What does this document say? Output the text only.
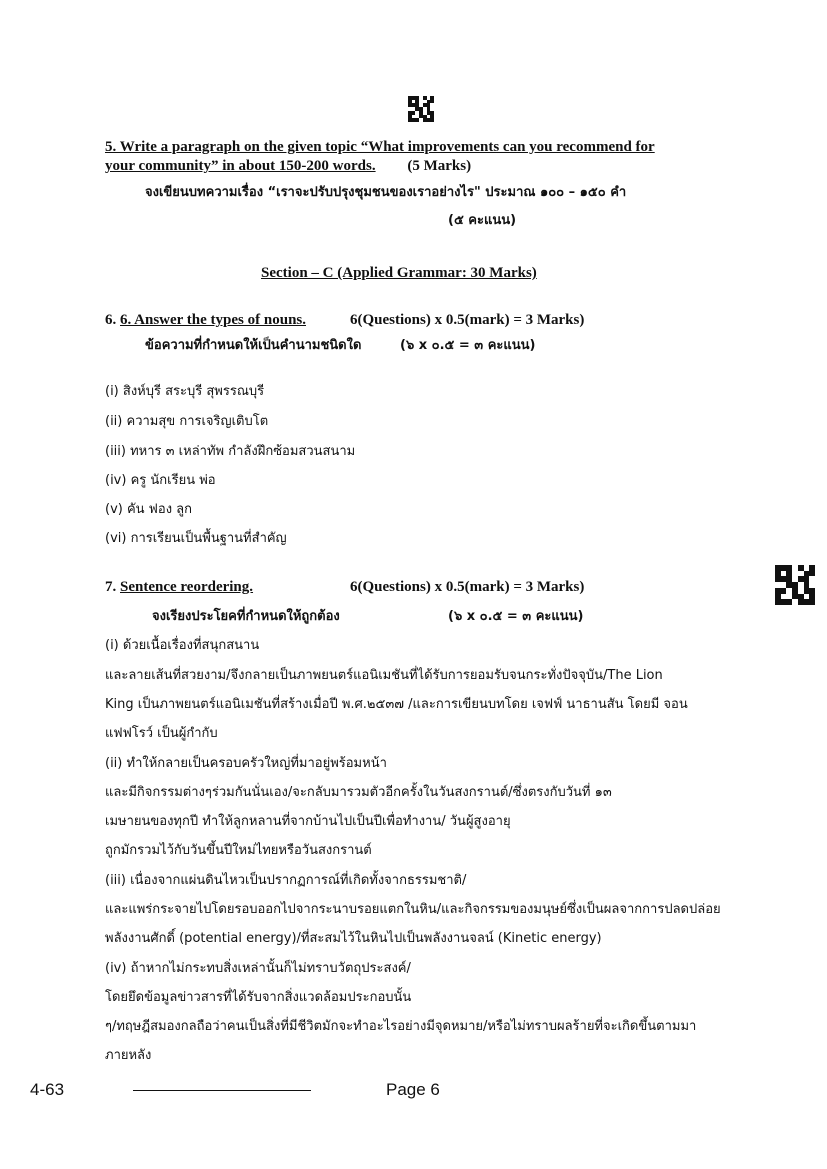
5. Write a paragraph on the given topic “What improvements can you recommend for
your community” in about 150-200 words. (5 Marks)
จงเขียนบทความเรื่อง “เราจะปรับปรุงชุมชนของเราอย่างไร" ประมาณ ๑๐๐ – ๑๕๐ คำ
(๕ คะแนน)
Section – C (Applied Grammar: 30 Marks)
6. 6. Answer the types of nouns.	6(Questions) x 0.5(mark) = 3 Marks)
ข้อความที่กำหนดให้เป็นคำนามชนิดใด	(๖ x ๐.๕ = ๓ คะแนน)
(i) สิงห์บุรี สระบุรี สุพรรณบุรี
(ii) ความสุข การเจริญเติบโต
(iii) ทหาร ๓ เหล่าทัพ กำลังฝึกซ้อมสวนสนาม
(iv) ครู นักเรียน พ่อ
(v) คัน ฟอง ลูก
(vi) การเรียนเป็นพื้นฐานที่สำคัญ
7. Sentence reordering.	6(Questions) x 0.5(mark) = 3 Marks)
จงเรียงประโยคที่กำหนดให้ถูกต้อง	(๖ x ๐.๕ = ๓ คะแนน)
(i) ด้วยเนื้อเรื่องที่สนุกสนาน
และลายเส้นที่สวยงาม/จึงกลายเป็นภาพยนตร์แอนิเมชันที่ได้รับการยอมรับจนกระทั่งปัจจุบัน/The Lion
King เป็นภาพยนตร์แอนิเมชันที่สร้างเมื่อปี พ.ศ.๒๕๓๗ /และการเขียนบทโดย เจฟฟ์ นาธานสัน โดยมี จอน
แฟฟโรว์ เป็นผู้กำกับ
(ii) ทำให้กลายเป็นครอบครัวใหญ่ที่มาอยู่พร้อมหน้า
และมีกิจกรรมต่างๆร่วมกันนั่นเอง/จะกลับมารวมตัวอีกครั้งในวันสงกรานต์/ซึ่งตรงกับวันที่ ๑๓
เมษายนของทุกปี ทำให้ลูกหลานที่จากบ้านไปเป็นปีเพื่อทำงาน/ วันผู้สูงอายุ
ถูกมักรวมไว้กับวันขึ้นปีใหม่ไทยหรือวันสงกรานต์
(iii) เนื่องจากแผ่นดินไหวเป็นปรากฏการณ์ที่เกิดทั้งจากธรรมชาติ/
และแพร่กระจายไปโดยรอบออกไปจากระนาบรอยแตกในหิน/และกิจกรรมของมนุษย์ซึ่งเป็นผลจากการปลดปล่อย
พลังงานศักดิ์ (potential energy)/ที่สะสมไว้ในหินไปเป็นพลังงานจลน์ (Kinetic energy)
(iv) ถ้าหากไม่กระทบสิ่งเหล่านั้นก็ไม่ทราบวัตถุประสงค์/
โดยยึดข้อมูลข่าวสารที่ได้รับจากสิ่งแวดล้อมประกอบนั้น
ๆ/ทฤษฎีสมองกลถือว่าคนเป็นสิ่งที่มีชีวิตมักจะทำอะไรอย่างมีจุดหมาย/หรือไม่ทราบผลร้ายที่จะเกิดขึ้นตามมา
ภายหลัง
4-63	Page 6
